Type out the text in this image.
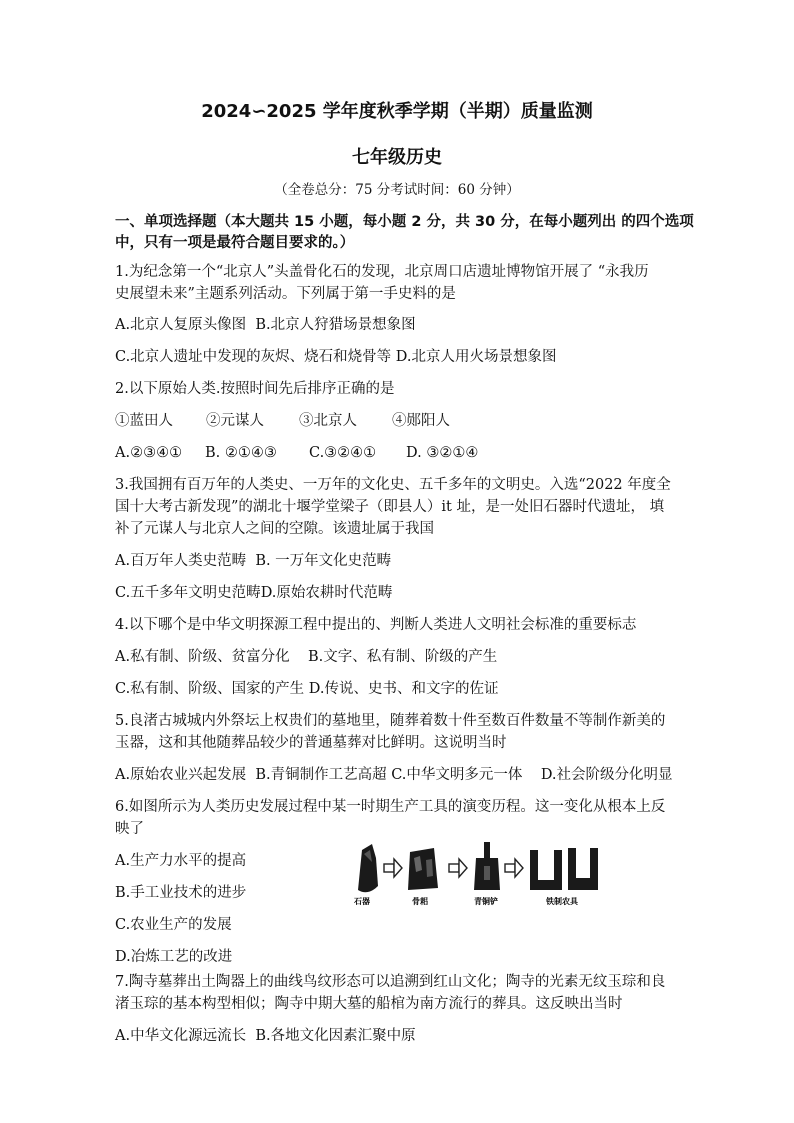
2024∽2025 学年度秋季学期（半期）质量监测
七年级历史
（全卷总分：75 分考试时间：60 分钟）
一、单项选择题（本大题共 15 小题，每小题 2 分，共 30 分，在每小题列出 的四个选项
中，只有一项是最符合题目要求的。）
1.为纪念第一个“北京人”头盖骨化石的发现，北京周口店遗址博物馆开展了 “永我历
史展望未来”主题系列活动。下列属于第一手史料的是
A.北京人复原头像图 B.北京人狩猎场景想象图
C.北京人遗址中发现的灰烬、烧石和烧骨等 D.北京人用火场景想象图
2.以下原始人类.按照时间先后排序正确的是
①蓝田人 ②元谋人 ③北京人 ④郧阳人
A.②③④① B. ②①④③ C.③②④① D. ③②①④
3.我国拥有百万年的人类史、一万年的文化史、五千多年的文明史。入选“2022 年度全
国十大考古新发现”的湖北十堰学堂梁子（即县人）it 址，是一处旧石器时代遗址， 填
补了元谋人与北京人之间的空隙。该遗址属于我国
A.百万年人类史范畴 B. 一万年文化史范畴
C.五千多年文明史范畴D.原始农耕时代范畴
4.以下哪个是中华文明探源工程中提出的、判断人类进人文明社会标准的重要标志
A.私有制、阶级、贫富分化 B.文字、私有制、阶级的产生
C.私有制、阶级、国家的产生 D.传说、史书、和文字的佐证
5.良渚古城城内外祭坛上权贵们的墓地里，随葬着数十件至数百件数量不等制作新美的
玉器，这和其他随葬品较少的普通墓葬对比鲜明。这说明当时
A.原始农业兴起发展 B.青铜制作工艺高超 C.中华文明多元一体 D.社会阶级分化明显
6.如图所示为人类历史发展过程中某一时期生产工具的演变历程。这一变化从根本上反
映了
A.生产力水平的提高
B.手工业技术的进步
C.农业生产的发展
D.冶炼工艺的改进
石器	骨耜	青铜铲	铁制农具
7.陶寺墓葬出土陶器上的曲线鸟纹形态可以追溯到红山文化；陶寺的光素无纹玉琮和良
渚玉琮的基本构型相似；陶寺中期大墓的船棺为南方流行的葬具。这反映出当时
A.中华文化源远流长 B.各地文化因素汇聚中原
